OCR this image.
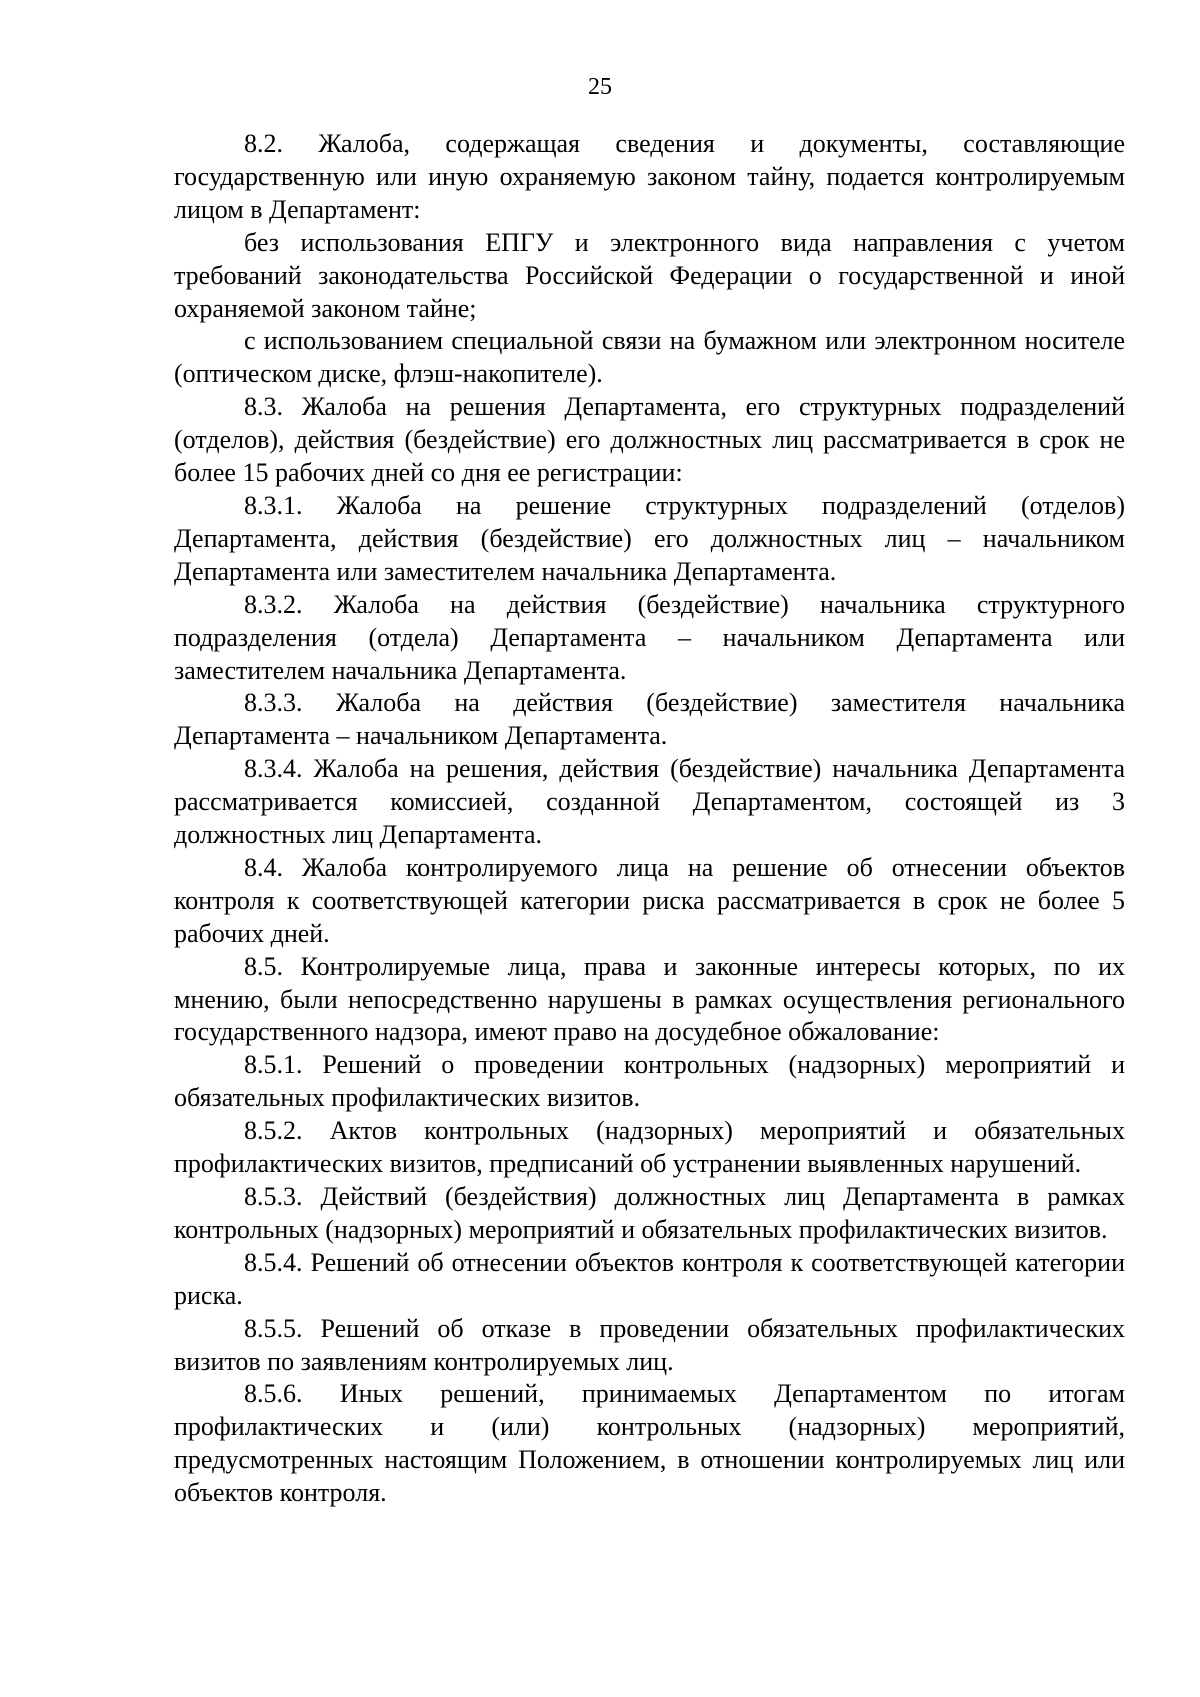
25

8.2. Жалоба, содержащая сведения и документы, составляющие государственную или иную охраняемую законом тайну, подается контролируемым лицом в Департамент:

без использования ЕПГУ и электронного вида направления с учетом требований законодательства Российской Федерации о государственной и иной охраняемой законом тайне;

с использованием специальной связи на бумажном или электронном носителе (оптическом диске, флэш-накопителе).

8.3. Жалоба на решения Департамента, его структурных подразделений (отделов), действия (бездействие) его должностных лиц рассматривается в срок не более 15 рабочих дней со дня ее регистрации:

8.3.1. Жалоба на решение структурных подразделений (отделов) Департамента, действия (бездействие) его должностных лиц – начальником Департамента или заместителем начальника Департамента.

8.3.2. Жалоба на действия (бездействие) начальника структурного подразделения (отдела) Департамента – начальником Департамента или заместителем начальника Департамента.

8.3.3. Жалоба на действия (бездействие) заместителя начальника Департамента – начальником Департамента.

8.3.4. Жалоба на решения, действия (бездействие) начальника Департамента рассматривается комиссией, созданной Департаментом, состоящей из 3 должностных лиц Департамента.

8.4. Жалоба контролируемого лица на решение об отнесении объектов контроля к соответствующей категории риска рассматривается в срок не более 5 рабочих дней.

8.5. Контролируемые лица, права и законные интересы которых, по их мнению, были непосредственно нарушены в рамках осуществления регионального государственного надзора, имеют право на досудебное обжалование:

8.5.1. Решений о проведении контрольных (надзорных) мероприятий и обязательных профилактических визитов.

8.5.2. Актов контрольных (надзорных) мероприятий и обязательных профилактических визитов, предписаний об устранении выявленных нарушений.

8.5.3. Действий (бездействия) должностных лиц Департамента в рамках контрольных (надзорных) мероприятий и обязательных профилактических визитов.

8.5.4. Решений об отнесении объектов контроля к соответствующей категории риска.

8.5.5. Решений об отказе в проведении обязательных профилактических визитов по заявлениям контролируемых лиц.

8.5.6. Иных решений, принимаемых Департаментом по итогам профилактических и (или) контрольных (надзорных) мероприятий, предусмотренных настоящим Положением, в отношении контролируемых лиц или объектов контроля.
